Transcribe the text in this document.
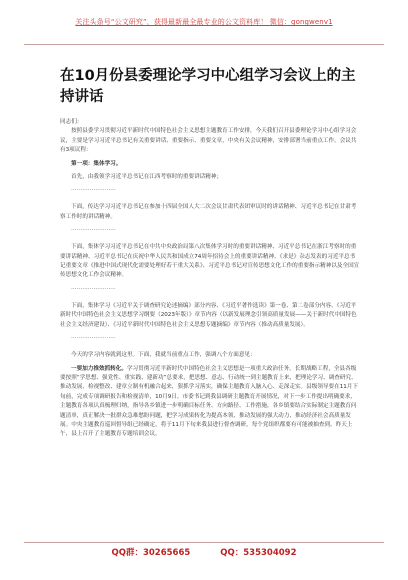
关注头条号“公文研究”，获得最新最全最专业的公文资料库！ 微信：gongwenv1
在10月份县委理论学习中心组学习会议上的主持讲话

同志们：

按照县委学习贯彻习近平新时代中国特色社会主义思想主题教育工作安排，今天我们召开县委理论学习中心组学习会议，主要是学习习近平总书记有关重要讲话、重要指示、重要文章，中央有关会议精神，安排部署当前重点工作。会议共有3项议程：

第一项：集体学习。

首先，由我领学习近平总书记在江西考察时的重要讲话精神；

……………………

下面，传达学习习近平总书记在参加十四届全国人大二次会议甘肃代表团审议时的讲话精神、习近平总书记在甘肃考察工作时的讲话精神。

……………………

下面，集体学习习近平总书记在中共中央政治局第八次集体学习时的重要讲话精神、习近平总书记在浙江考察时的重要讲话精神、习近平总书记在庆祝中华人民共和国成立74周年招待会上的重要讲话精神、《求是》杂志发表的习近平总书记重要文章《推进中国式现代化需要处理好若干重大关系》、习近平总书记对宣传思想文化工作的重要指示精神以及全国宣传思想文化工作会议精神。

……………………

下面，集体学习《习近平关于调查研究论述摘编》部分内容、《习近平著作选读》第一卷、第二卷部分内容、《习近平新时代中国特色社会主义思想学习纲要（2023年版）》章节内容（以新发展理念引领高质量发展——关于新时代中国特色社会主义经济建设）、《习近平新时代中国特色社会主义思想专题摘编》章节内容（推动高质量发展）。

……………………

今天的学习内容就到这里。下面，我就当前重点工作，强调八个方面意见：

一要加力推效抓转化。学习贯彻习近平新时代中国特色社会主义思想是一项重大政治任务，长期战略工程，全县各级要按照“学思想、强党性、重实践、建新功”总要求，把思想、意志、行动统一到主题教育上来，把理论学习、调查研究、推动发展、检视整改、建章立制有机融合起来，狠抓学习落实，确保主题教育入脑入心、走深走实。县级领导要在11月下旬前，完成专项调研报告和检视清单，10月9日，市委书记到我县调研主题教育开展情况，对下一步工作提出明确要求，主题教育各项认真梳理归纳，指导各乡镇进一步明确目标任务、方向路径、工作措施，各乡镇要结合实际制定主题教育问题清单，真正解决一批群众急难愁盼问题，把学习成果转化为提高本领、推动发展的强大动力，推动经济社会高质量发展。中央主题教育巡回督导组已经确定，将于11月下旬来我县进行督查调研，每个党组织都要有可能被抽查到。昨天上午，县上召开了主题教育专题培训会议，

QQ群：30265665	QQ：535304092
